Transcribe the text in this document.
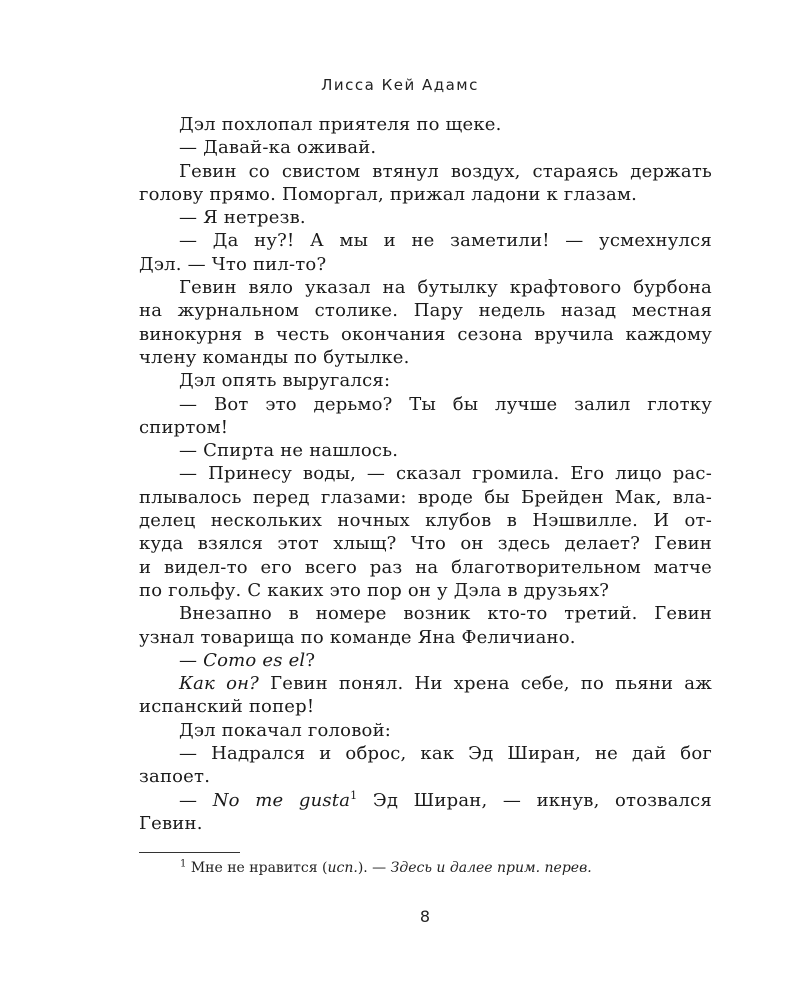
Лисса Кей Адамс
Дэл похлопал приятеля по щеке.
— Давай-ка оживай.
Гевин со свистом втянул воздух, стараясь держать
голову прямо. Поморгал, прижал ладони к глазам.
— Я нетрезв.
— Да ну?! А мы и не заметили! — усмехнулся
Дэл. — Что пил-то?
Гевин вяло указал на бутылку крафтового бурбона
на журнальном столике. Пару недель назад местная
винокурня в честь окончания сезона вручила каждому
члену команды по бутылке.
Дэл опять выругался:
— Вот это дерьмо? Ты бы лучше залил глотку
спиртом!
— Спирта не нашлось.
— Принесу воды, — сказал громила. Его лицо рас-
плывалось перед глазами: вроде бы Брейден Мак, вла-
делец нескольких ночных клубов в Нэшвилле. И от-
куда взялся этот хлыщ? Что он здесь делает? Гевин
и видел-то его всего раз на благотворительном матче
по гольфу. С каких это пор он у Дэла в друзьях?
Внезапно в номере возник кто-то третий. Гевин
узнал товарища по команде Яна Феличиано.
— Como es el?
Как он? Гевин понял. Ни хрена себе, по пьяни аж
испанский попер!
Дэл покачал головой:
— Надрался и оброс, как Эд Ширан, не дай бог
запоет.
— No me gusta$^1$ Эд Ширан, — икнув, отозвался
Гевин.
$^1$ Мне не нравится (исп.). — Здесь и далее прим. перев.
8
